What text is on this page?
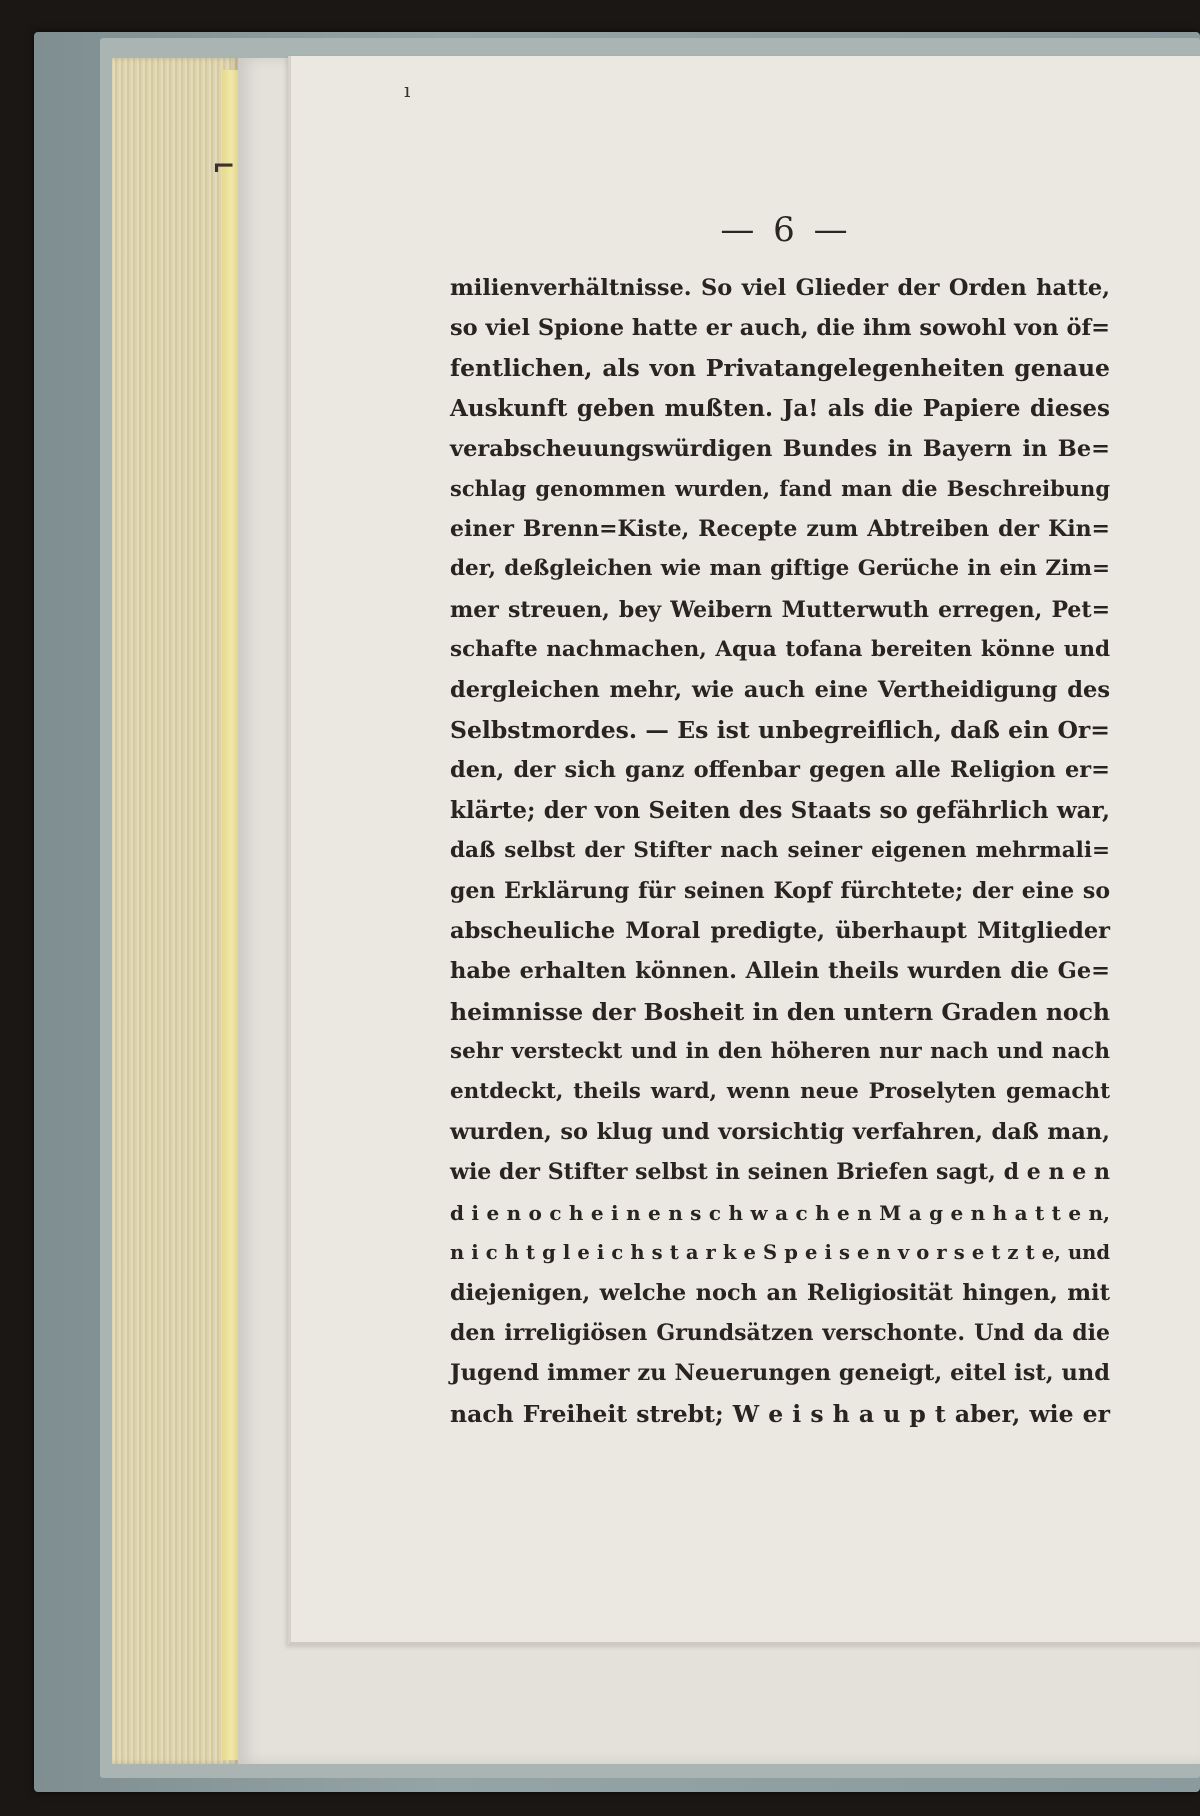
ı
⌐
— 6 —
milienverhältnisse. So viel Glieder der Orden hatte,
so viel Spione hatte er auch, die ihm sowohl von öf=
fentlichen, als von Privatangelegenheiten genaue
Auskunft geben mußten. Ja! als die Papiere dieses
verabscheuungswürdigen Bundes in Bayern in Be=
schlag genommen wurden, fand man die Beschreibung
einer Brenn=Kiste, Recepte zum Abtreiben der Kin=
der, deßgleichen wie man giftige Gerüche in ein Zim=
mer streuen, bey Weibern Mutterwuth erregen, Pet=
schafte nachmachen, Aqua tofana bereiten könne und
dergleichen mehr, wie auch eine Vertheidigung des
Selbstmordes. — Es ist unbegreiflich, daß ein Or=
den, der sich ganz offenbar gegen alle Religion er=
klärte; der von Seiten des Staats so gefährlich war,
daß selbst der Stifter nach seiner eigenen mehrmali=
gen Erklärung für seinen Kopf fürchtete; der eine so
abscheuliche Moral predigte, überhaupt Mitglieder
habe erhalten können. Allein theils wurden die Ge=
heimnisse der Bosheit in den untern Graden noch
sehr versteckt und in den höheren nur nach und nach
entdeckt, theils ward, wenn neue Proselyten gemacht
wurden, so klug und vorsichtig verfahren, daß man,
wie der Stifter selbst in seinen Briefen sagt, d e n e n
d i e n o c h e i n e n s c h w a c h e n M a g e n h a t t e n,
n i c h t g l e i c h s t a r k e S p e i s e n v o r s e t z t e, und
diejenigen, welche noch an Religiosität hingen, mit
den irreligiösen Grundsätzen verschonte. Und da die
Jugend immer zu Neuerungen geneigt, eitel ist, und
nach Freiheit strebt; W e i s h a u p t aber, wie er
